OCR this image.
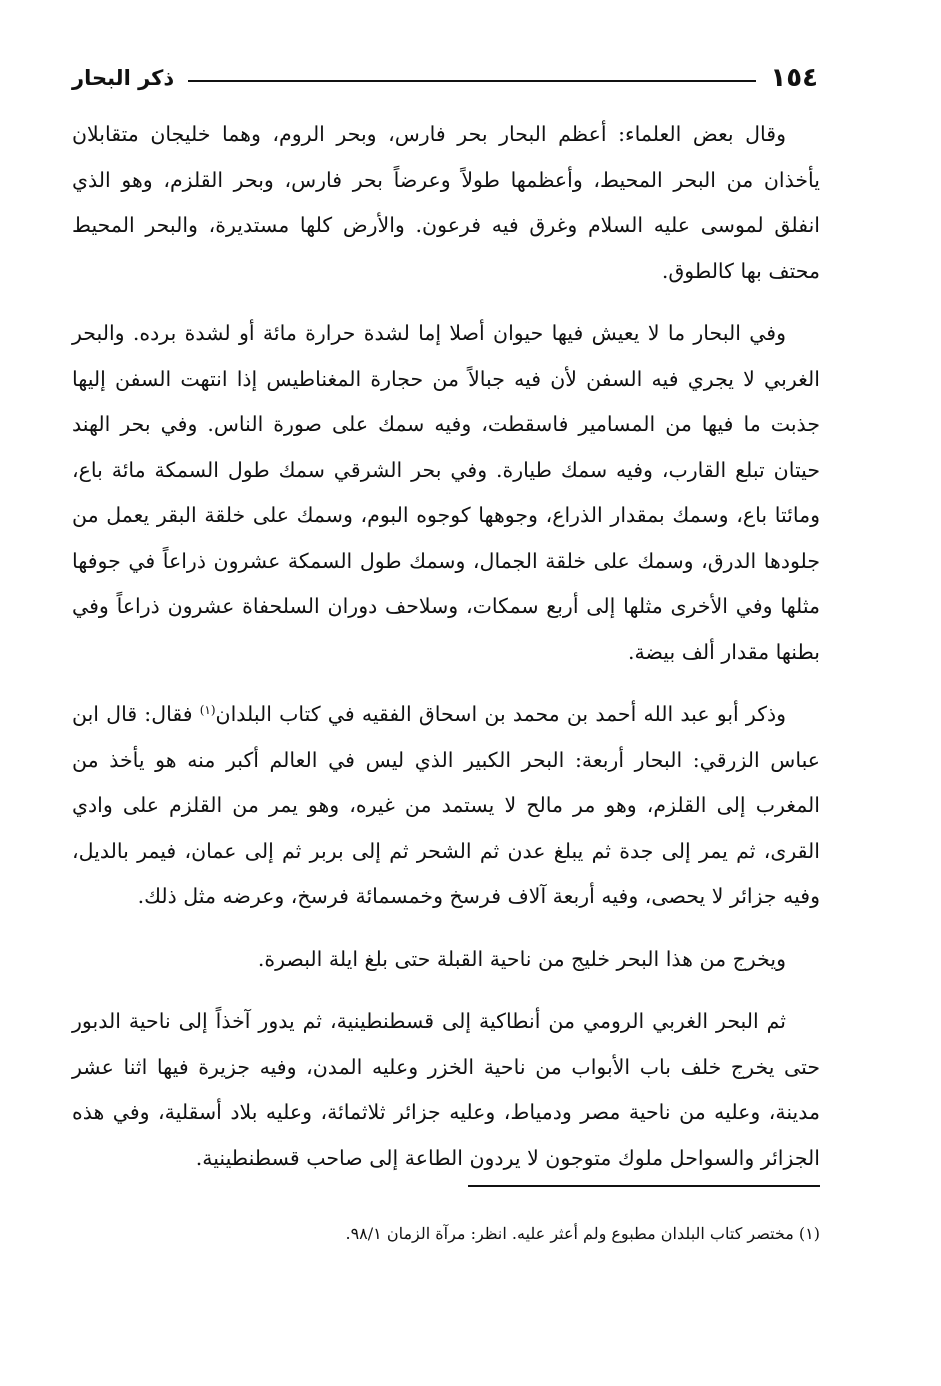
١٥٤
ذكر البحار

وقال بعض العلماء: أعظم البحار بحر فارس، وبحر الروم، وهما خليجان متقابلان يأخذان من البحر المحيط، وأعظمها طولاً وعرضاً بحر فارس، وبحر القلزم، وهو الذي انفلق لموسى عليه السلام وغرق فيه فرعون. والأرض كلها مستديرة، والبحر المحيط محتف بها كالطوق.

وفي البحار ما لا يعيش فيها حيوان أصلا إما لشدة حرارة مائة أو لشدة برده. والبحر الغربي لا يجري فيه السفن لأن فيه جبالاً من حجارة المغناطيس إذا انتهت السفن إليها جذبت ما فيها من المسامير فاسقطت، وفيه سمك على صورة الناس. وفي بحر الهند حيتان تبلع القارب، وفيه سمك طيارة. وفي بحر الشرقي سمك طول السمكة مائة باع، ومائتا باع، وسمك بمقدار الذراع، وجوهها كوجوه البوم، وسمك على خلقة البقر يعمل من جلودها الدرق، وسمك على خلقة الجمال، وسمك طول السمكة عشرون ذراعاً في جوفها مثلها وفي الأخرى مثلها إلى أربع سمكات، وسلاحف دوران السلحفاة عشرون ذراعاً وفي بطنها مقدار ألف بيضة.

وذكر أبو عبد الله أحمد بن محمد بن اسحاق الفقيه في كتاب البلدان$^{(١)}$ فقال: قال ابن عباس الزرقي: البحار أربعة: البحر الكبير الذي ليس في العالم أكبر منه هو يأخذ من المغرب إلى القلزم، وهو مر مالح لا يستمد من غيره، وهو يمر من القلزم على وادي القرى، ثم يمر إلى جدة ثم يبلغ عدن ثم الشحر ثم إلى بربر ثم إلى عمان، فيمر بالديل، وفيه جزائر لا يحصى، وفيه أربعة آلاف فرسخ وخمسمائة فرسخ، وعرضه مثل ذلك.

ويخرج من هذا البحر خليج من ناحية القبلة حتى بلغ ايلة البصرة.

ثم البحر الغربي الرومي من أنطاكية إلى قسطنطينية، ثم يدور آخذاً إلى ناحية الدبور حتى يخرج خلف باب الأبواب من ناحية الخزر وعليه المدن، وفيه جزيرة فيها اثنا عشر مدينة، وعليه من ناحية مصر ودمياط، وعليه جزائر ثلاثمائة، وعليه بلاد أسقلية، وفي هذه الجزائر والسواحل ملوك متوجون لا يردون الطاعة إلى صاحب قسطنطينية.

(١) مختصر كتاب البلدان مطبوع ولم أعثر عليه. انظر: مرآة الزمان ٩٨/١.
